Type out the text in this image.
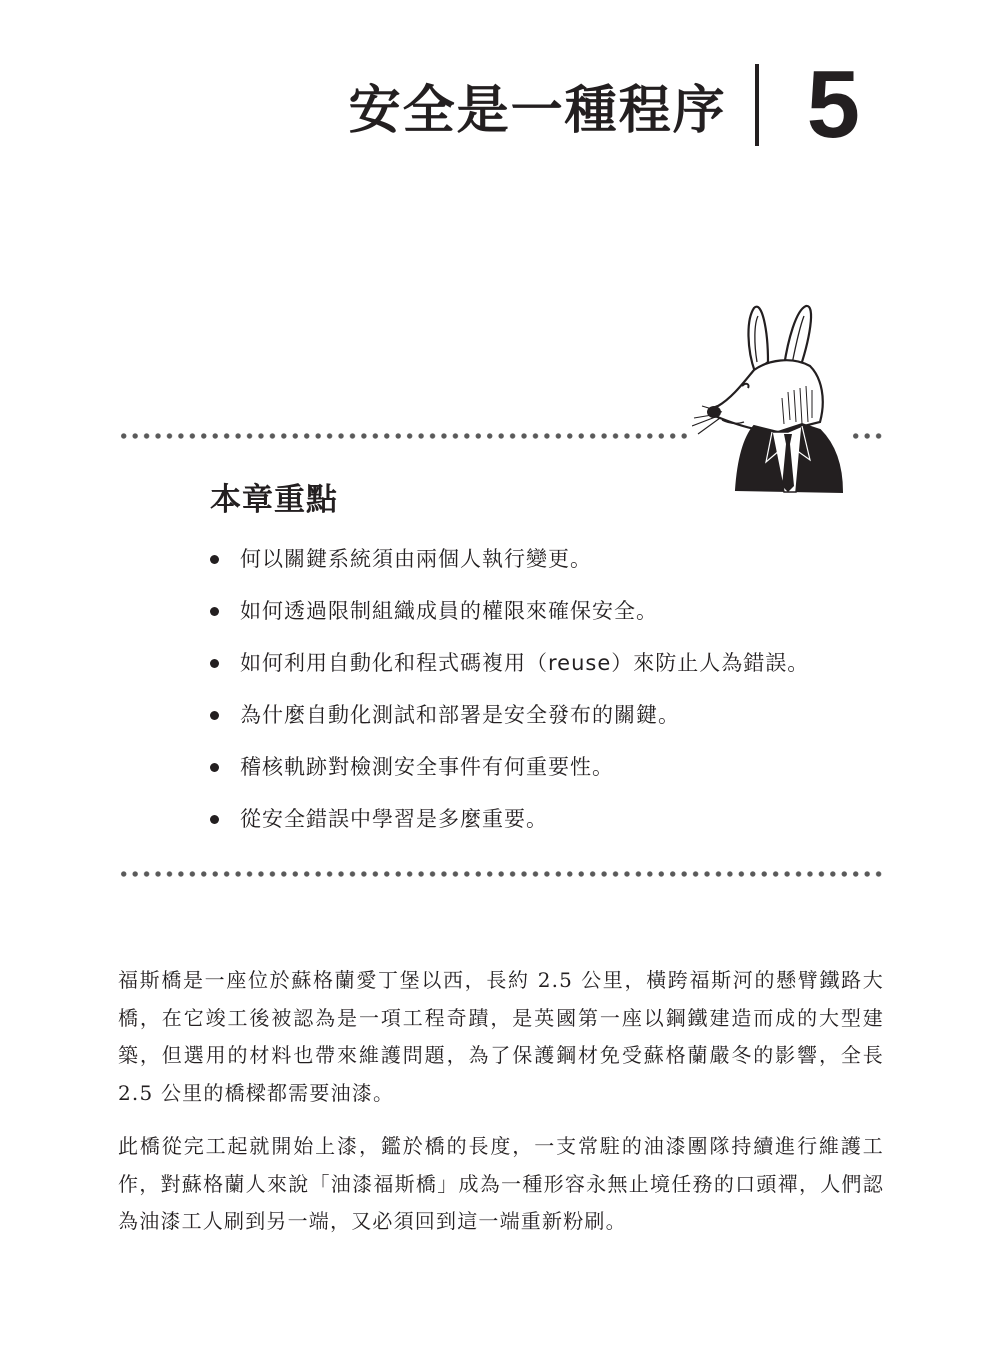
安全是一種程序 5
本章重點
何以關鍵系統須由兩個人執行變更。
如何透過限制組織成員的權限來確保安全。
如何利用自動化和程式碼複用（reuse）來防止人為錯誤。
為什麼自動化測試和部署是安全發布的關鍵。
稽核軌跡對檢測安全事件有何重要性。
從安全錯誤中學習是多麼重要。

福斯橋是一座位於蘇格蘭愛丁堡以西，長約 2.5 公里，橫跨福斯河的懸臂鐵路大橋，在它竣工後被認為是一項工程奇蹟，是英國第一座以鋼鐵建造而成的大型建築，但選用的材料也帶來維護問題，為了保護鋼材免受蘇格蘭嚴冬的影響，全長 2.5 公里的橋樑都需要油漆。

此橋從完工起就開始上漆，鑑於橋的長度，一支常駐的油漆團隊持續進行維護工作，對蘇格蘭人來說「油漆福斯橋」成為一種形容永無止境任務的口頭禪，人們認為油漆工人刷到另一端，又必須回到這一端重新粉刷。
